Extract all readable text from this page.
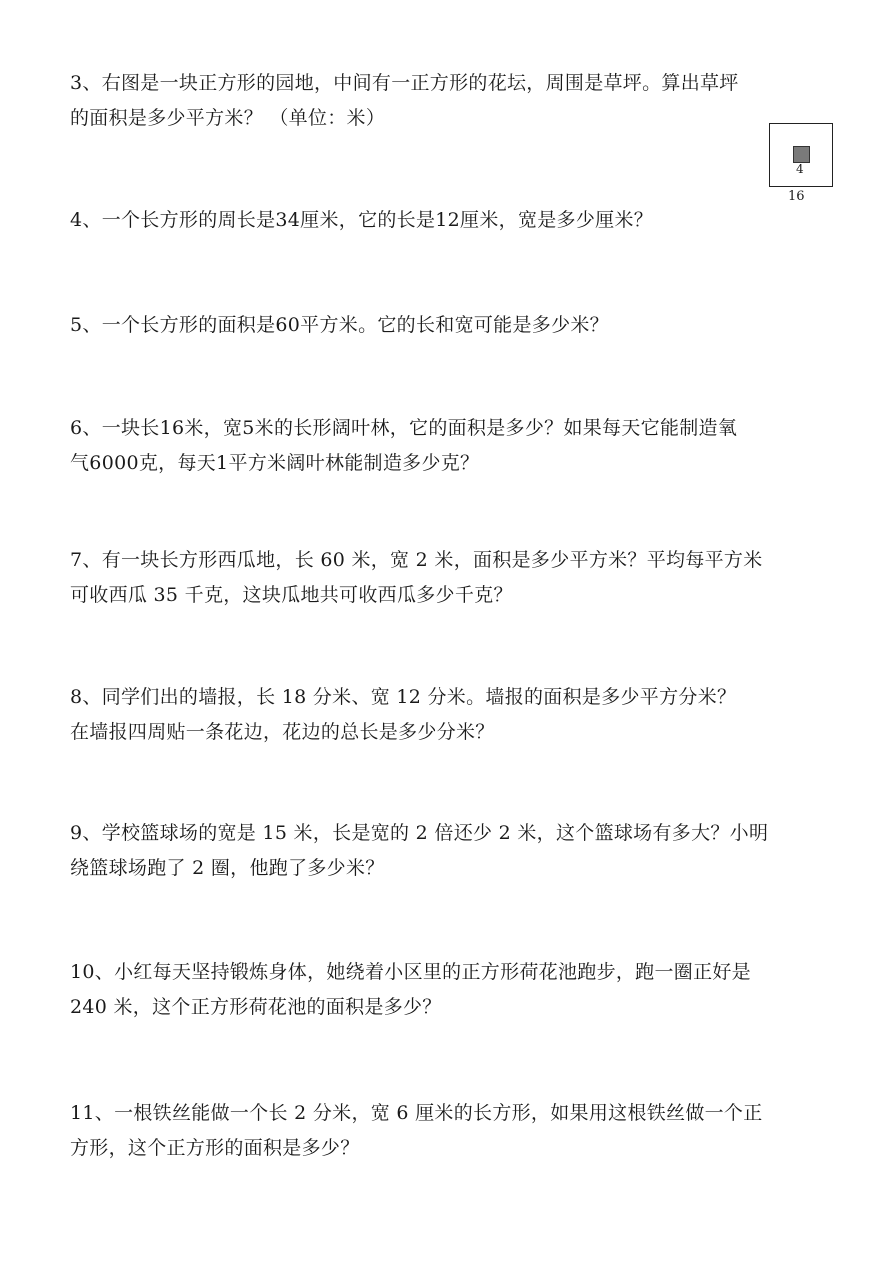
3、右图是一块正方形的园地，中间有一正方形的花坛，周围是草坪。算出草坪
的面积是多少平方米？ （单位：米）
4
16
4、一个长方形的周长是34厘米，它的长是12厘米，宽是多少厘米？
5、一个长方形的面积是60平方米。它的长和宽可能是多少米？
6、一块长16米，宽5米的长形阔叶林，它的面积是多少？如果每天它能制造氧
气6000克，每天1平方米阔叶林能制造多少克？
7、有一块长方形西瓜地，长 60 米，宽 2 米，面积是多少平方米？平均每平方米
可收西瓜 35 千克，这块瓜地共可收西瓜多少千克？
8、同学们出的墙报，长 18 分米、宽 12 分米。墙报的面积是多少平方分米？
在墙报四周贴一条花边，花边的总长是多少分米？
9、学校篮球场的宽是 15 米，长是宽的 2 倍还少 2 米，这个篮球场有多大？小明
绕篮球场跑了 2 圈，他跑了多少米？
10、小红每天坚持锻炼身体，她绕着小区里的正方形荷花池跑步，跑一圈正好是
240 米，这个正方形荷花池的面积是多少？
11、一根铁丝能做一个长 2 分米，宽 6 厘米的长方形，如果用这根铁丝做一个正
方形，这个正方形的面积是多少？
